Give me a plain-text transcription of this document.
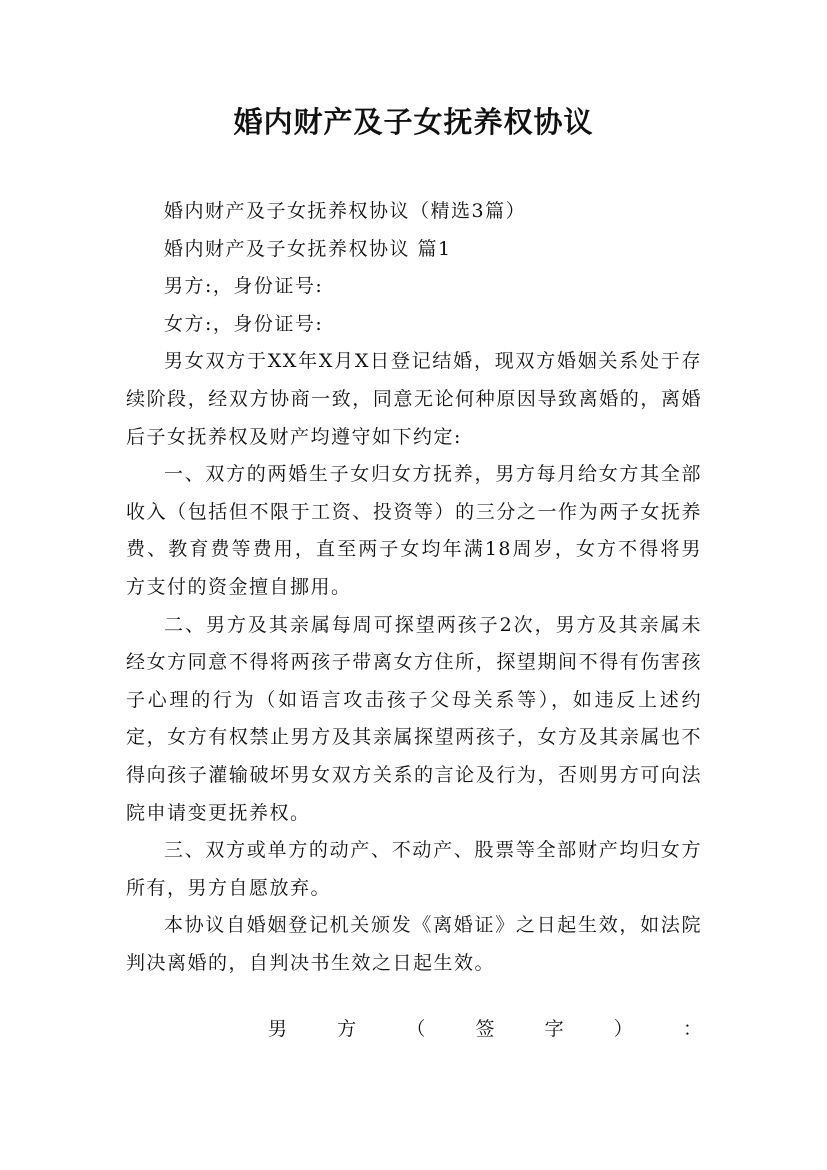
婚内财产及子女抚养权协议

婚内财产及子女抚养权协议（精选3篇）

婚内财产及子女抚养权协议 篇1

男方:，身份证号:

女方:，身份证号:

男女双方于XX年X月X日登记结婚，现双方婚姻关系处于存续阶段，经双方协商一致，同意无论何种原因导致离婚的，离婚后子女抚养权及财产均遵守如下约定:

一、双方的两婚生子女归女方抚养，男方每月给女方其全部收入（包括但不限于工资、投资等）的三分之一作为两子女抚养费、教育费等费用，直至两子女均年满18周岁，女方不得将男方支付的资金擅自挪用。

二、男方及其亲属每周可探望两孩子2次，男方及其亲属未经女方同意不得将两孩子带离女方住所，探望期间不得有伤害孩子心理的行为（如语言攻击孩子父母关系等），如违反上述约定，女方有权禁止男方及其亲属探望两孩子，女方及其亲属也不得向孩子灌输破坏男女双方关系的言论及行为，否则男方可向法院申请变更抚养权。

三、双方或单方的动产、不动产、股票等全部财产均归女方所有，男方自愿放弃。

本协议自婚姻登记机关颁发《离婚证》之日起生效，如法院判决离婚的，自判决书生效之日起生效。

男	方	（	签	字	）	：
